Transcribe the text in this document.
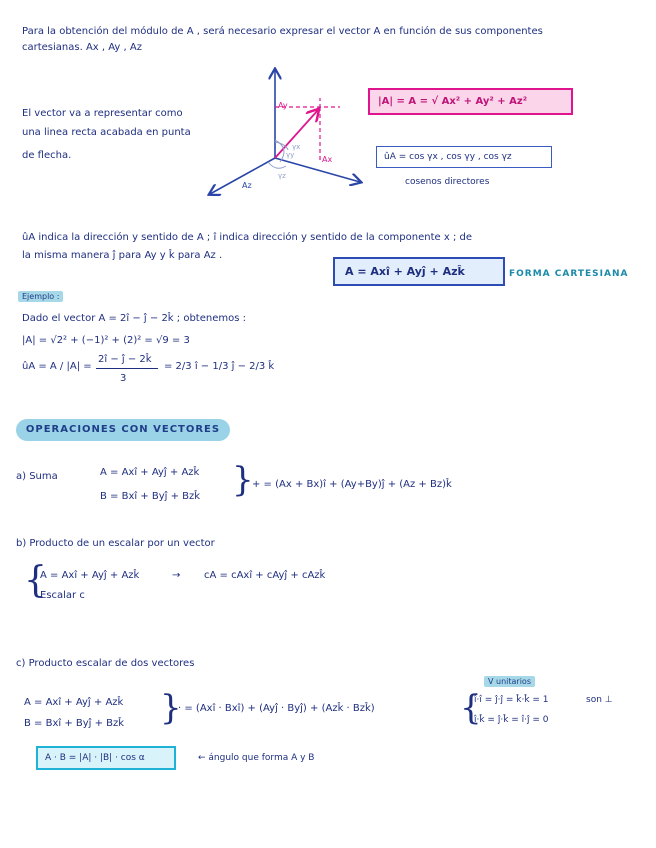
Para la obtención del módulo de A , será necesario expresar el vector A en función de sus componentes
cartesianas. Ax , Ay , Az
El vector va a representar como
una linea recta acabada en punta
de flecha.
Ay
Ax
Az
γy
γx
γz
|A| = A = √ Ax² + Ay² + Az²
ûA = cos γx , cos γy , cos γz
cosenos directores
ûA indica la dirección y sentido de A ; î indica dirección y sentido de la componente x ; de
la misma manera ĵ para Ay y k̂ para Az .
A = Axî + Ayĵ + Azk̂	FORMA CARTESIANA
Ejemplo :
Dado el vector A = 2î − ĵ − 2k̂ ; obtenemos :
|A| = √2² + (−1)² + (2)² = √9 = 3
ûA = A / |A| =
2î − ĵ − 2k̂
3
= 2/3 î − 1/3 ĵ − 2/3 k̂
OPERACIONES CON VECTORES
a) Suma	A = Axî + Ayĵ + Azk̂
B = Bxî + Byĵ + Bzk̂ }
+ = (Ax + Bx)î + (Ay+By)ĵ + (Az + Bz)k̂
b) Producto de un escalar por un vector
{
A = Axî + Ayĵ + Azk̂	→ cA = cAxî + cAyĵ + cAzk̂
Escalar c
c) Producto escalar de dos vectores
V unitarios
A = Axî + Ayĵ + Azk̂
B = Bxî + Byĵ + Bzk̂ }
· = (Axî · Bxî) + (Ayĵ · Byĵ) + (Azk̂ · Bzk̂)	{
î·î = ĵ·ĵ = k̂·k̂ = 1	son ⊥
î·k̂ = ĵ·k̂ = î·ĵ = 0
A · B = |A| · |B| · cos α	← ángulo que forma A y B
